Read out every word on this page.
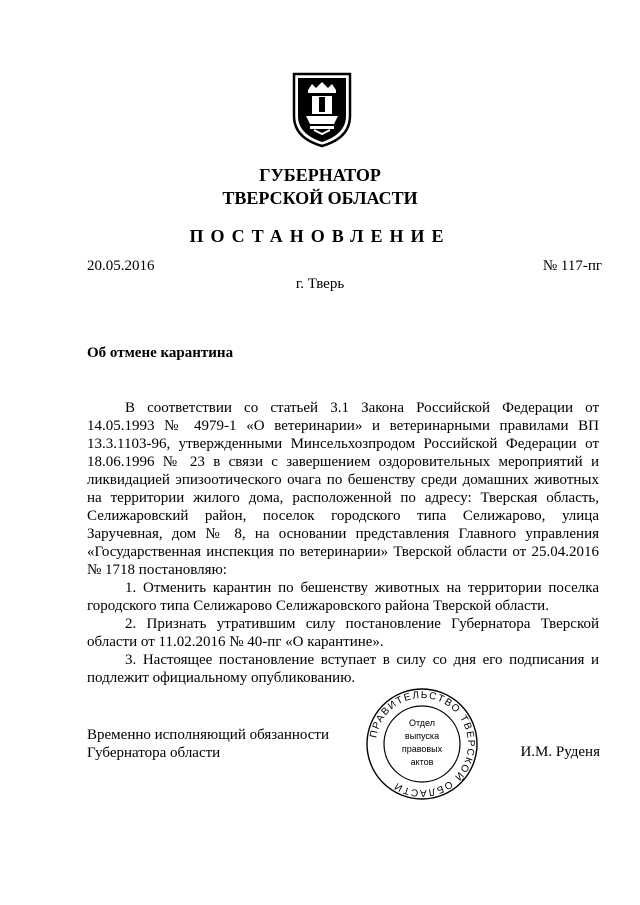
ГУБЕРНАТОР
ТВЕРСКОЙ ОБЛАСТИ
ПОСТАНОВЛЕНИЕ
20.05.2016	№ 117-пг
г. Тверь
Об отмене карантина

В соответствии со статьей 3.1 Закона Российской Федерации от 14.05.1993 № 4979-1 «О ветеринарии» и ветеринарными правилами ВП 13.3.1103-96, утвержденными Минсельхозпродом Российской Федерации от 18.06.1996 № 23 в связи с завершением оздоровительных мероприятий и ликвидацией эпизоотического очага по бешенству среди домашних животных на территории жилого дома, расположенной по адресу: Тверская область, Селижаровский район, поселок городского типа Селижарово, улица Заручевная, дом № 8, на основании представления Главного управления «Государственная инспекция по ветеринарии» Тверской области от 25.04.2016 № 1718 постановляю:

1. Отменить карантин по бешенству животных на территории поселка городского типа Селижарово Селижаровского района Тверской области.

2. Признать утратившим силу постановление Губернатора Тверской области от 11.02.2016 № 40-пг «О карантине».

3. Настоящее постановление вступает в силу со дня его подписания и подлежит официальному опубликованию.

Временно исполняющий обязанности
Губернатора области	И.М. Руденя
ПРАВИТЕЛЬСТВО ТВЕРСКОЙ ОБЛАСТИ
Отдел
выпуска
правовых
актов
